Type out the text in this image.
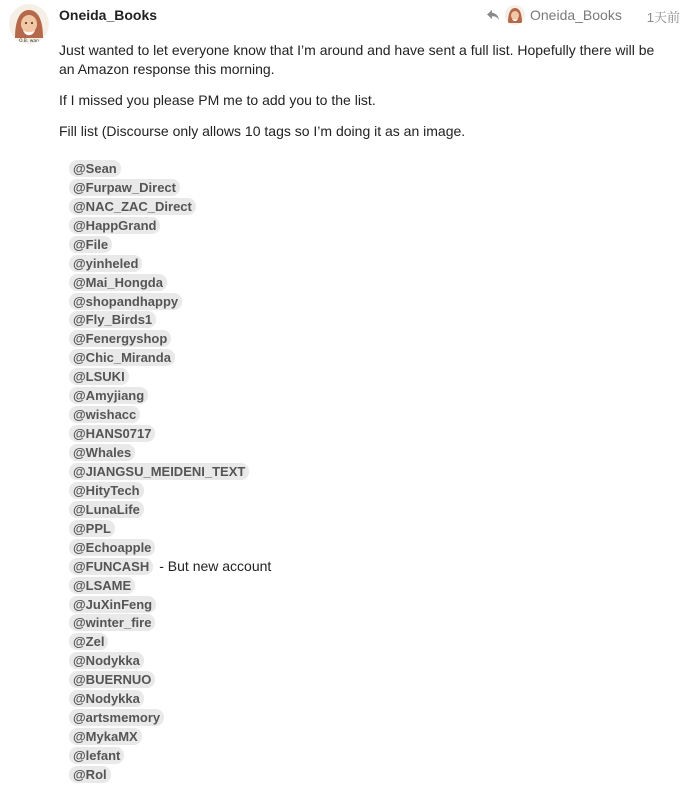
O.B. wan
Oneida_Books	Oneida_Books 1天前

Just wanted to let everyone know that I’m around and have sent a full list. Hopefully there will be an Amazon response this morning.

If I missed you please PM me to add you to the list.

Fill list (Discourse only allows 10 tags so I’m doing it as an image.

@Sean
@Furpaw_Direct
@NAC_ZAC_Direct
@HappGrand
@File
@yinheled
@Mai_Hongda
@shopandhappy
@Fly_Birds1
@Fenergyshop
@Chic_Miranda
@LSUKI
@Amyjiang
@wishacc
@HANS0717
@Whales
@JIANGSU_MEIDENI_TEXT
@HityTech
@LunaLife
@PPL
@Echoapple
@FUNCASH - But new account
@LSAME
@JuXinFeng
@winter_fire
@Zel
@Nodykka
@BUERNUO
@Nodykka
@artsmemory
@MykaMX
@lefant
@Rol
